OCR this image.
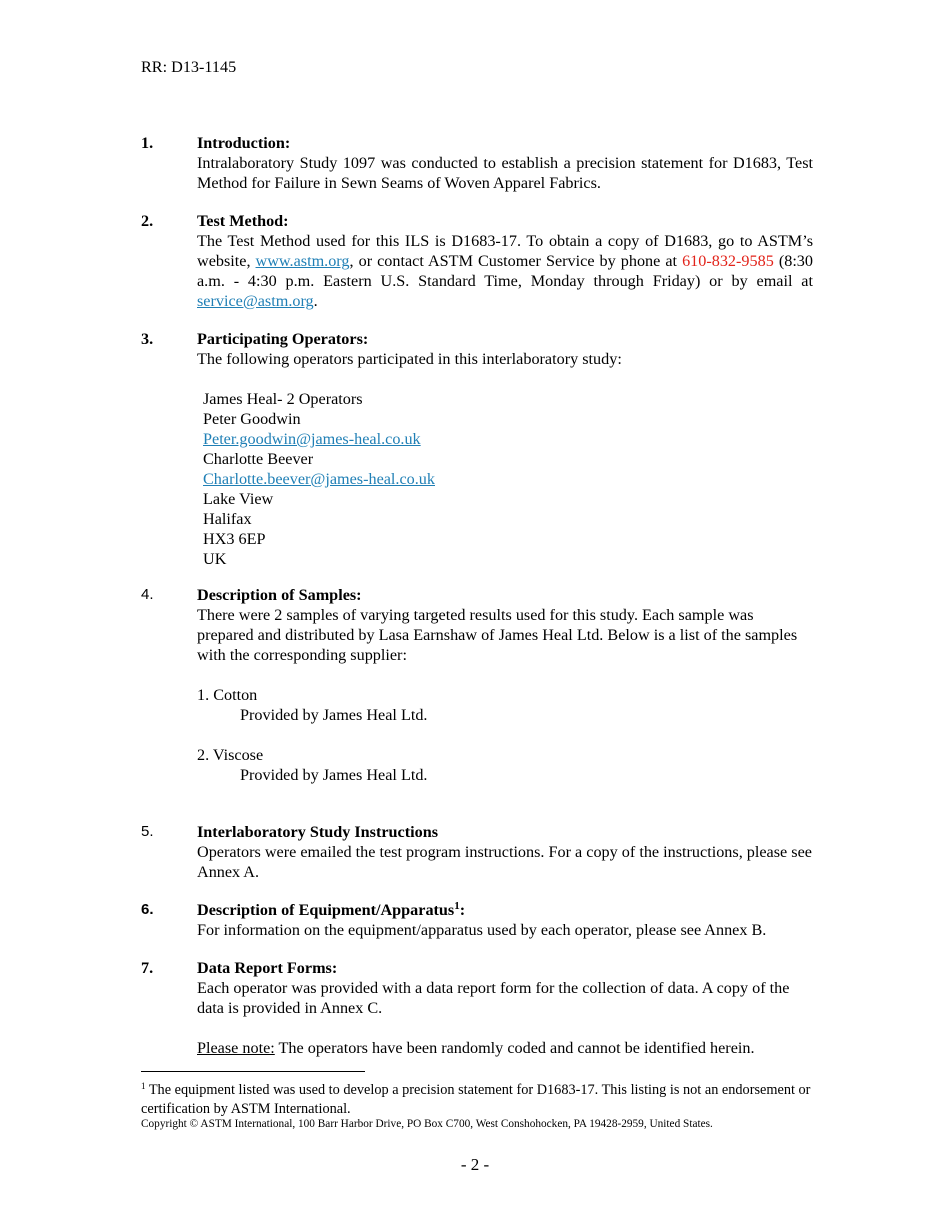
RR: D13-1145
1.	Introduction:
Intralaboratory Study 1097 was conducted to establish a precision statement for D1683, Test Method for Failure in Sewn Seams of Woven Apparel Fabrics.
2.	Test Method:
The Test Method used for this ILS is D1683-17. To obtain a copy of D1683, go to ASTM’s website, www.astm.org, or contact ASTM Customer Service by phone at 610-832-9585 (8:30 a.m. - 4:30 p.m. Eastern U.S. Standard Time, Monday through Friday) or by email at service@astm.org.
3.	Participating Operators:
The following operators participated in this interlaboratory study:
James Heal- 2 Operators
Peter Goodwin
Peter.goodwin@james-heal.co.uk
Charlotte Beever
Charlotte.beever@james-heal.co.uk
Lake View
Halifax
HX3 6EP
UK
4.	Description of Samples:
There were 2 samples of varying targeted results used for this study. Each sample was prepared and distributed by Lasa Earnshaw of James Heal Ltd. Below is a list of the samples with the corresponding supplier:
1. Cotton
Provided by James Heal Ltd.
2. Viscose
Provided by James Heal Ltd.
5.	Interlaboratory Study Instructions
Operators were emailed the test program instructions. For a copy of the instructions, please see Annex A.
6.	Description of Equipment/Apparatus$^1$:
For information on the equipment/apparatus used by each operator, please see Annex B.
7.	Data Report Forms:
Each operator was provided with a data report form for the collection of data. A copy of the data is provided in Annex C.
Please note: The operators have been randomly coded and cannot be identified herein.
$^1$ The equipment listed was used to develop a precision statement for D1683-17. This listing is not an endorsement or certification by ASTM International.
Copyright © ASTM International, 100 Barr Harbor Drive, PO Box C700, West Conshohocken, PA 19428-2959, United States.
- 2 -
